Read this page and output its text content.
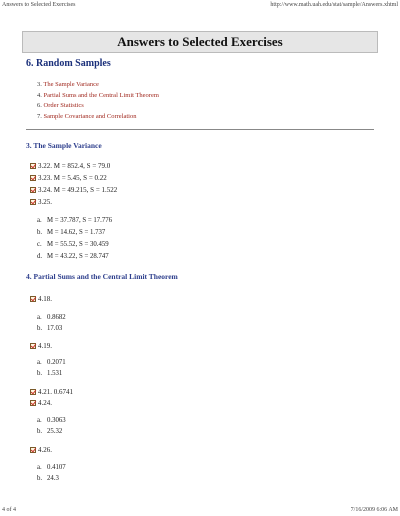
Answers to Selected Exercises	http://www.math.uah.edu/stat/sample/Answers.xhtml
Answers to Selected Exercises
6. Random Samples
3. The Sample Variance
4. Partial Sums and the Central Limit Theorem
6. Order Statistics
7. Sample Covariance and Correlation
3. The Sample Variance
3.22. M = 852.4, S = 79.0
3.23. M = 5.45, S = 0.22
3.24. M = 49.215, S = 1.522
3.25.
a. M = 37.787, S = 17.776
b. M = 14.62, S = 1.737
c. M = 55.52, S = 30.459
d. M = 43.22, S = 28.747
4. Partial Sums and the Central Limit Theorem
4.18.
a. 0.8682
b. 17.03
4.19.
a. 0.2071
b. 1.531
4.21. 0.6741
4.24.
a. 0.3063
b. 25.32
4.26.
a. 0.4107
b. 24.3
4 of 4	7/16/2009 6:06 AM
